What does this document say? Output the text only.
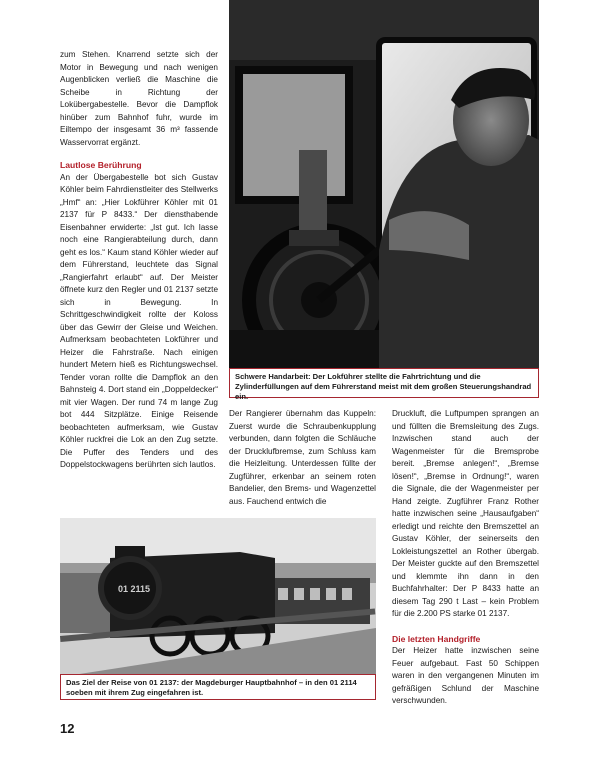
zum Stehen. Knarrend setzte sich der Motor in Bewegung und nach wenigen Augenblicken verließ die Maschine die Scheibe in Richtung der Lokübergabestelle. Bevor die Dampflok hinüber zum Bahnhof fuhr, wurde im Eiltempo der insgesamt 36 m³ fassende Wasservorrat ergänzt.

Lautlose Berührung

An der Übergabestelle bot sich Gustav Köhler beim Fahrdienstleiter des Stellwerks „Hmf“ an: „Hier Lokführer Köhler mit 01 2137 für P 8433.“ Der diensthabende Eisenbahner erwiderte: „Ist gut. Ich lasse noch eine Rangierabteilung durch, dann geht es los.“ Kaum stand Köhler wieder auf dem Führerstand, leuchtete das Signal „Rangierfahrt erlaubt“ auf. Der Meister öffnete kurz den Regler und 01 2137 setzte sich in Bewegung. In Schrittgeschwindigkeit rollte der Koloss über das Gewirr der Gleise und Weichen. Aufmerksam beobachteten Lokführer und Heizer die Fahrstraße. Nach einigen hundert Metern hieß es Richtungswechsel. Tender voran rollte die Dampflok an den Bahnsteig 4. Dort stand ein „Doppeldecker“ mit vier Wagen. Der rund 74 m lange Zug bot 444 Sitzplätze. Einige Reisende beobachteten aufmerksam, wie Gustav Köhler ruckfrei die Lok an den Zug setzte. Die Puffer des Tenders und des Doppelstockwagens berührten sich lautlos.

Schwere Handarbeit: Der Lokführer stellte die Fahrtrichtung und die Zylinderfüllungen auf dem Führerstand meist mit dem großen Steuerungshandrad ein.

Der Rangierer übernahm das Kuppeln: Zuerst wurde die Schraubenkupplung verbunden, dann folgten die Schläuche der Drucklufbremse, zum Schluss kam die Heizleitung. Unterdessen füllte der Zugführer, erkenbar an seinem roten Bandelier, den Brems- und Wagenzettel aus. Fauchend entwich die

Druckluft, die Luftpumpen sprangen an und füllten die Bremsleitung des Zugs. Inzwischen stand auch der Wagenmeister für die Bremsprobe bereit. „Bremse anlegen!“, „Bremse lösen!“, „Bremse in Ordnung!“, waren die Signale, die der Wagenmeister per Hand zeigte. Zugführer Franz Rother hatte inzwischen seine „Hausaufgaben“ erledigt und reichte den Bremszettel an Gustav Köhler, der seinerseits den Lokleistungszettel an Rother übergab. Der Meister guckte auf den Bremszettel und klemmte ihn dann in den Buchfahrhalter: Der P 8433 hatte an diesem Tag 290 t Last – kein Problem für die 2.200 PS starke 01 2137.

Die letzten Handgriffe

Der Heizer hatte inzwischen seine Feuer aufgebaut. Fast 50 Schippen waren in den vergangenen Minuten im gefräßigen Schlund der Maschine verschwunden.

01 2115
Das Ziel der Reise von 01 2137: der Magdeburger Hauptbahnhof – in den 01 2114 soeben mit ihrem Zug eingefahren ist.
12
